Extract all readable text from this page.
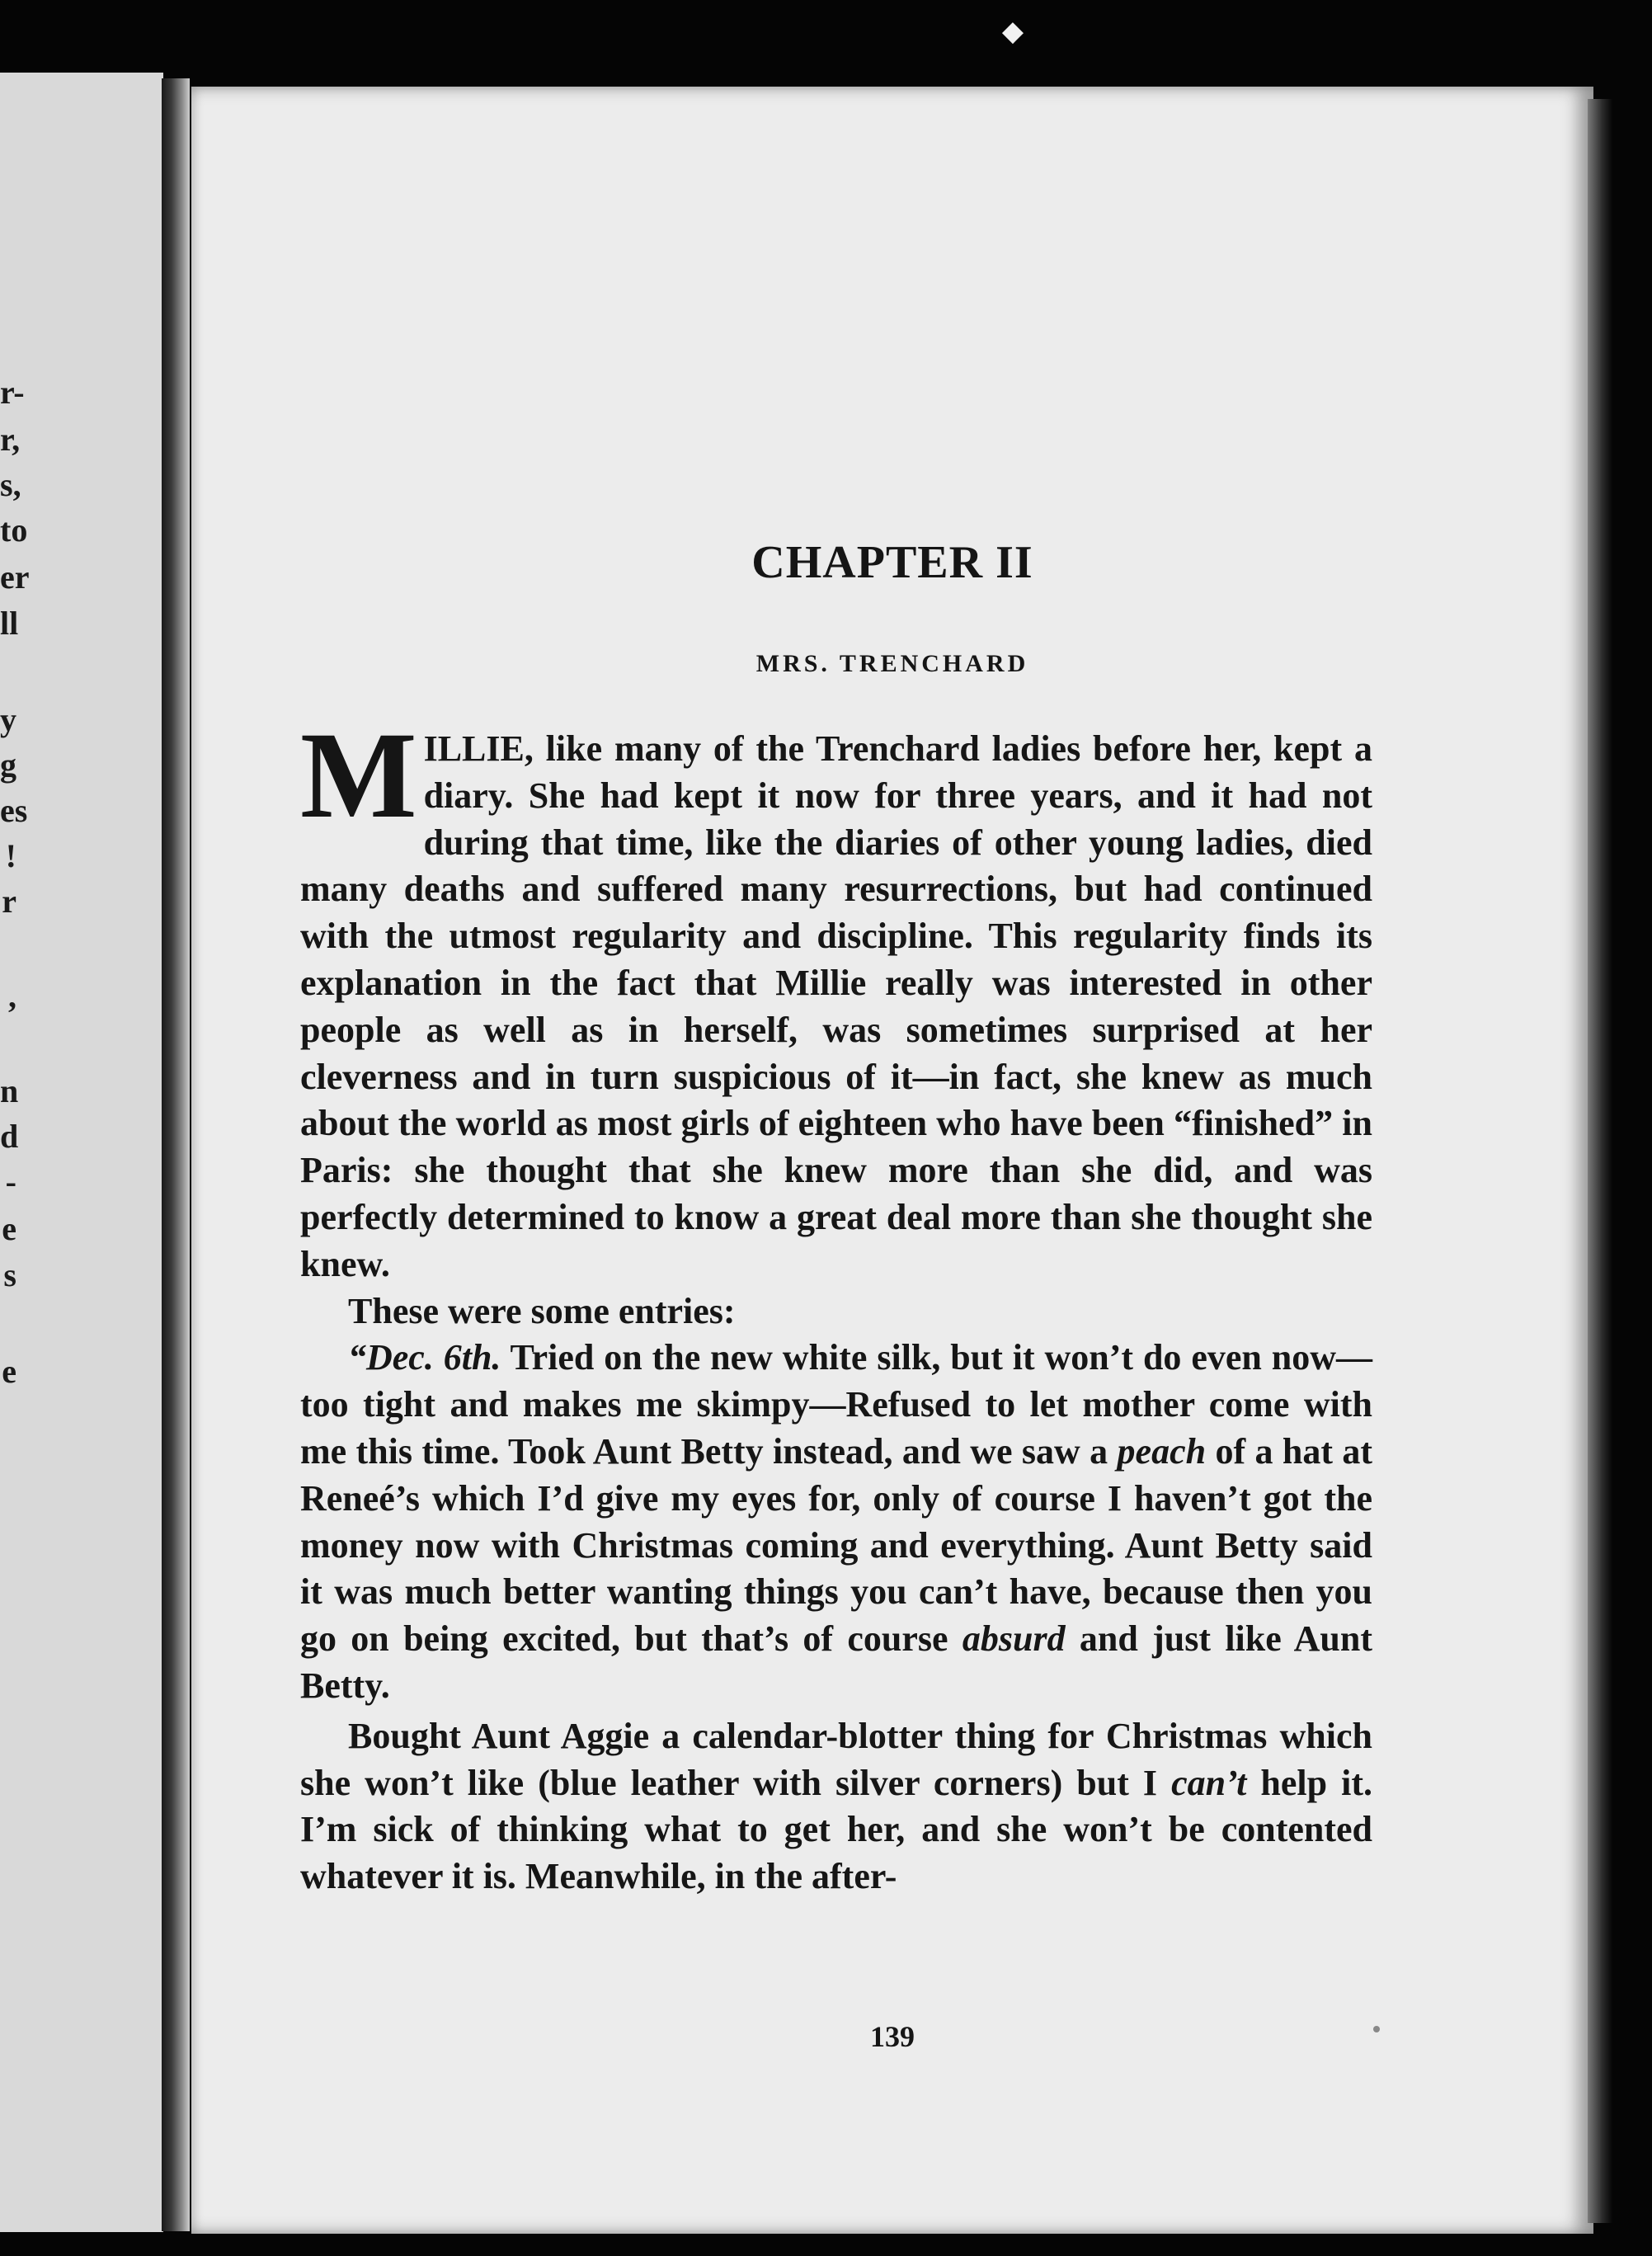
r-
r,
s,
to
er
ll
y
g
es
!
r
,
n
d
-
e
s
e
◆
CHAPTER II
MRS. TRENCHARD

MILLIE, like many of the Trenchard ladies before her, kept a diary. She had kept it now for three years, and it had not during that time, like the diaries of other young ladies, died many deaths and suffered many resurrections, but had continued with the utmost regularity and discipline. This regularity finds its explanation in the fact that Millie really was interested in other people as well as in herself, was sometimes surprised at her cleverness and in turn suspicious of it—in fact, she knew as much about the world as most girls of eighteen who have been “finished” in Paris: she thought that she knew more than she did, and was perfectly determined to know a great deal more than she thought she knew.

These were some entries:

“Dec. 6th. Tried on the new white silk, but it won’t do even now—too tight and makes me skimpy—Refused to let mother come with me this time. Took Aunt Betty instead, and we saw a peach of a hat at Reneé’s which I’d give my eyes for, only of course I haven’t got the money now with Christmas coming and everything. Aunt Betty said it was much better wanting things you can’t have, because then you go on being excited, but that’s of course absurd and just like Aunt Betty.

Bought Aunt Aggie a calendar-blotter thing for Christmas which she won’t like (blue leather with silver corners) but I can’t help it. I’m sick of thinking what to get her, and she won’t be contented whatever it is. Meanwhile, in the after-

139
